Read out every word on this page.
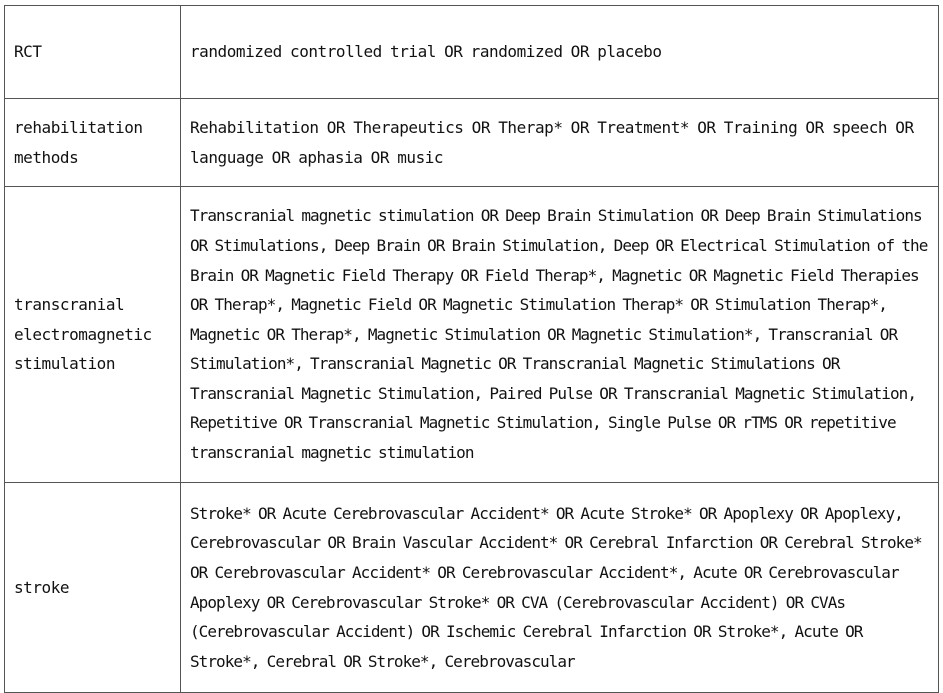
RCT	randomized controlled trial OR randomized OR placebo
rehabilitation methods	Rehabilitation OR Therapeutics OR Therap* OR Treatment* OR Training OR speech OR language OR aphasia OR music
transcranial electromagnetic stimulation	Transcranial magnetic stimulation OR Deep Brain Stimulation OR Deep Brain Stimulations OR Stimulations, Deep Brain OR Brain Stimulation, Deep OR Electrical Stimulation of the Brain OR Magnetic Field Therapy OR Field Therap*, Magnetic OR Magnetic Field Therapies OR Therap*, Magnetic Field OR Magnetic Stimulation Therap* OR Stimulation Therap*, Magnetic OR Therap*, Magnetic Stimulation OR Magnetic Stimulation*, Transcranial OR Stimulation*, Transcranial Magnetic OR Transcranial Magnetic Stimulations OR Transcranial Magnetic Stimulation, Paired Pulse OR Transcranial Magnetic Stimulation, Repetitive OR Transcranial Magnetic Stimulation, Single Pulse OR rTMS OR repetitive transcranial magnetic stimulation
stroke	Stroke* OR Acute Cerebrovascular Accident* OR Acute Stroke* OR Apoplexy OR Apoplexy, Cerebrovascular OR Brain Vascular Accident* OR Cerebral Infarction OR Cerebral Stroke* OR Cerebrovascular Accident* OR Cerebrovascular Accident*, Acute OR Cerebrovascular Apoplexy OR Cerebrovascular Stroke* OR CVA (Cerebrovascular Accident) OR CVAs (Cerebrovascular Accident) OR Ischemic Cerebral Infarction OR Stroke*, Acute OR Stroke*, Cerebral OR Stroke*, Cerebrovascular
